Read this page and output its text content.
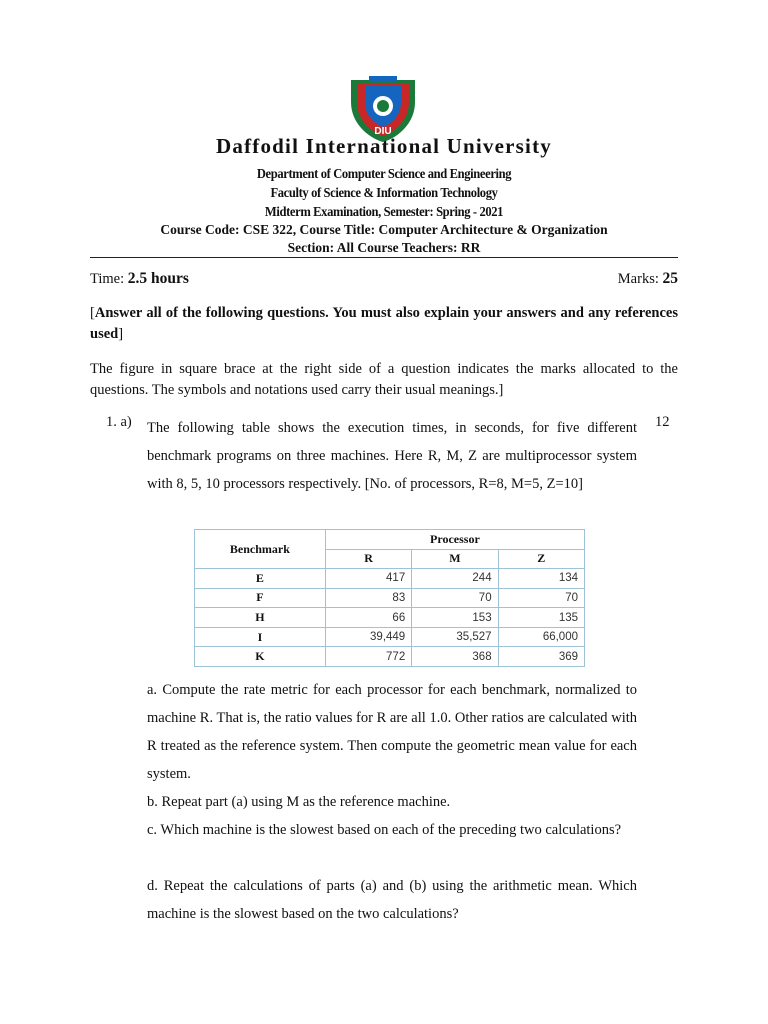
DIU
Daffodil International University
Department of Computer Science and Engineering
Faculty of Science & Information Technology
Midterm Examination, Semester: Spring - 2021
Course Code: CSE 322, Course Title: Computer Architecture & Organization
Section: All Course Teachers: RR
Time: 2.5 hours	Marks: 25
[Answer all of the following questions. You must also explain your answers and any references used]
The figure in square brace at the right side of a question indicates the marks allocated to the questions. The symbols and notations used carry their usual meanings.]
1. a)	12
The following table shows the execution times, in seconds, for five different benchmark programs on three machines. Here R, M, Z are multiprocessor system with 8, 5, 10 processors respectively. [No. of processors, R=8, M=5, Z=10]
Benchmark	Processor		
	R	M	Z
E	417	244	134
F	83	70	70
H	66	153	135
I	39,449	35,527	66,000
K	772	368	369
a. Compute the rate metric for each processor for each benchmark, normalized to machine R. That is, the ratio values for R are all 1.0. Other ratios are calculated with R treated as the reference system. Then compute the geometric mean value for each system.
b. Repeat part (a) using M as the reference machine.
c. Which machine is the slowest based on each of the preceding two calculations?
d. Repeat the calculations of parts (a) and (b) using the arithmetic mean. Which machine is the slowest based on the two calculations?
